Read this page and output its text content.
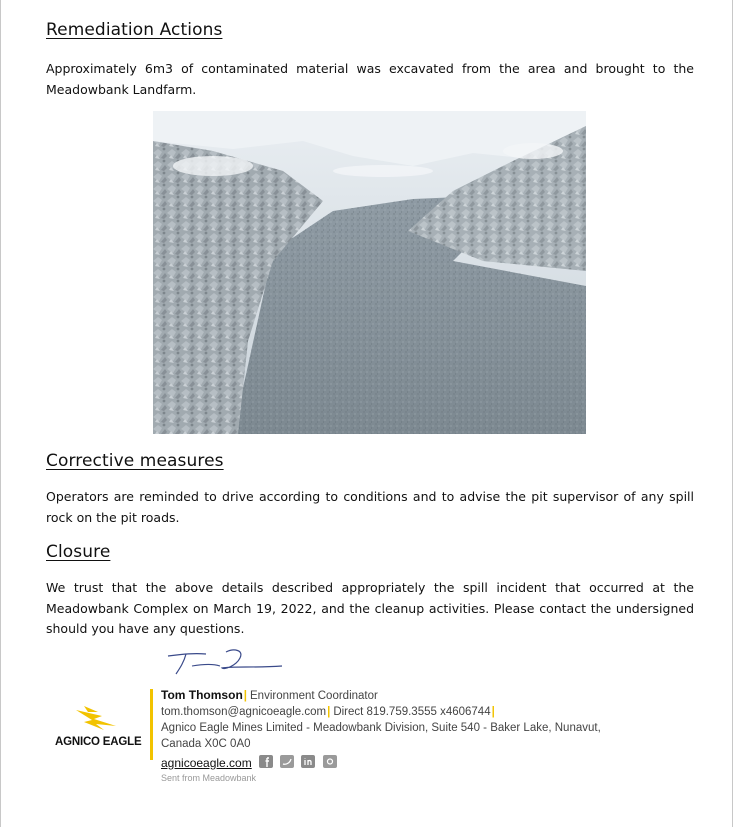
Remediation Actions

Approximately 6m3 of contaminated material was excavated from the area and brought to the Meadowbank Landfarm.

Corrective measures

Operators are reminded to drive according to conditions and to advise the pit supervisor of any spill rock on the pit roads.

Closure

We trust that the above details described appropriately the spill incident that occurred at the Meadowbank Complex on March 19, 2022, and the cleanup activities. Please contact the undersigned should you have any questions.

AGNICO EAGLE
Tom Thomson| Environment Coordinator
tom.thomson@agnicoeagle.com| Direct 819.759.3555 x4606744|
Agnico Eagle Mines Limited - Meadowbank Division, Suite 540 - Baker Lake, Nunavut,
Canada X0C 0A0
agnicoeagle.com
Sent from Meadowbank
